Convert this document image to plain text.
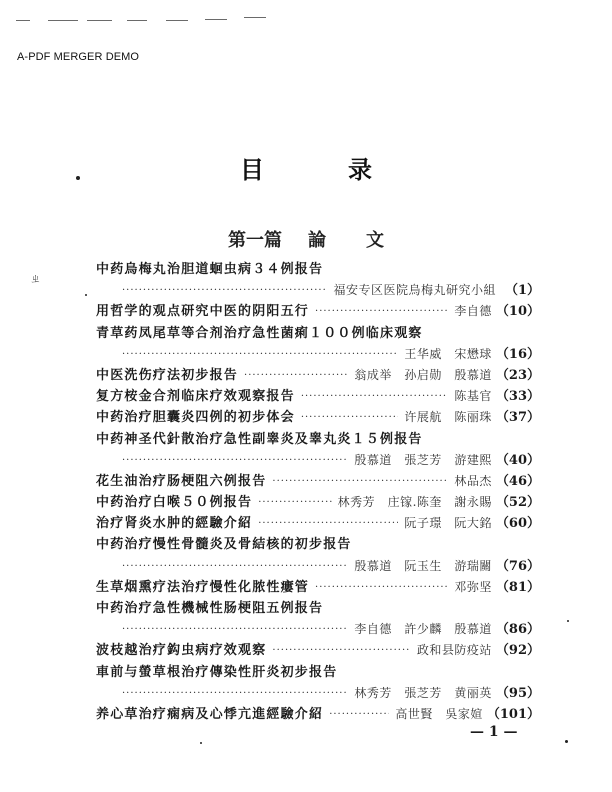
A-PDF MERGER DEMO
目	录
第一篇 論 文
ㄓ
中药烏梅丸治胆道蛔虫病３４例报告
·····
福安专区医院烏梅丸研究小組 （1）
用哲学的观点研究中医的阴阳五行 ·····	李自德 （10）
青草药凤尾草等合剂治疗急性菌痢１００例临床观察
·····
王华威　宋懋球 （16）
中医洗伤疗法初步报告 ·····	翁成举　孙启勋　殷慕道 （23）
复方桉金合剂临床疗效观察报告 ·····	陈基官 （33）
中药治疗胆囊炎四例的初步体会 ·····	许展航　陈丽珠 （37）
中药神圣代針散治疗急性副睾炎及睾丸炎１５例报告
·····
殷慕道　張芝芳　游建熙 （40）
花生油治疗肠梗阻六例报告 ·····	林品杰 （46）
中药治疗白喉５０例报告 ·····	林秀芳　庄镓.陈奎　謝永賜 （52）
治疗肾炎水肿的經驗介紹 ·····	阮子璟　阮大銘 （60）
中药治疗慢性骨髓炎及骨結核的初步报告
·····
殷慕道　阮玉生　游瑞關 （76）
生草烟熏疗法治疗慢性化脓性瘻管 ·····	邓弥坚 （81）
中药治疗急性機械性肠梗阻五例报告
·····
李自德　許少麟　殷慕道 （86）
波枝越治疗鈎虫病疗效观察 ·····	政和县防疫站 （92）
車前与螢草根治疗傳染性肝炎初步报告
·····
林秀芳　張芝芳　黄丽英 （95）
养心草治疗痫病及心悸亢進經驗介紹 ·····	高世賢　吳家媗 （101）
— 1 —
